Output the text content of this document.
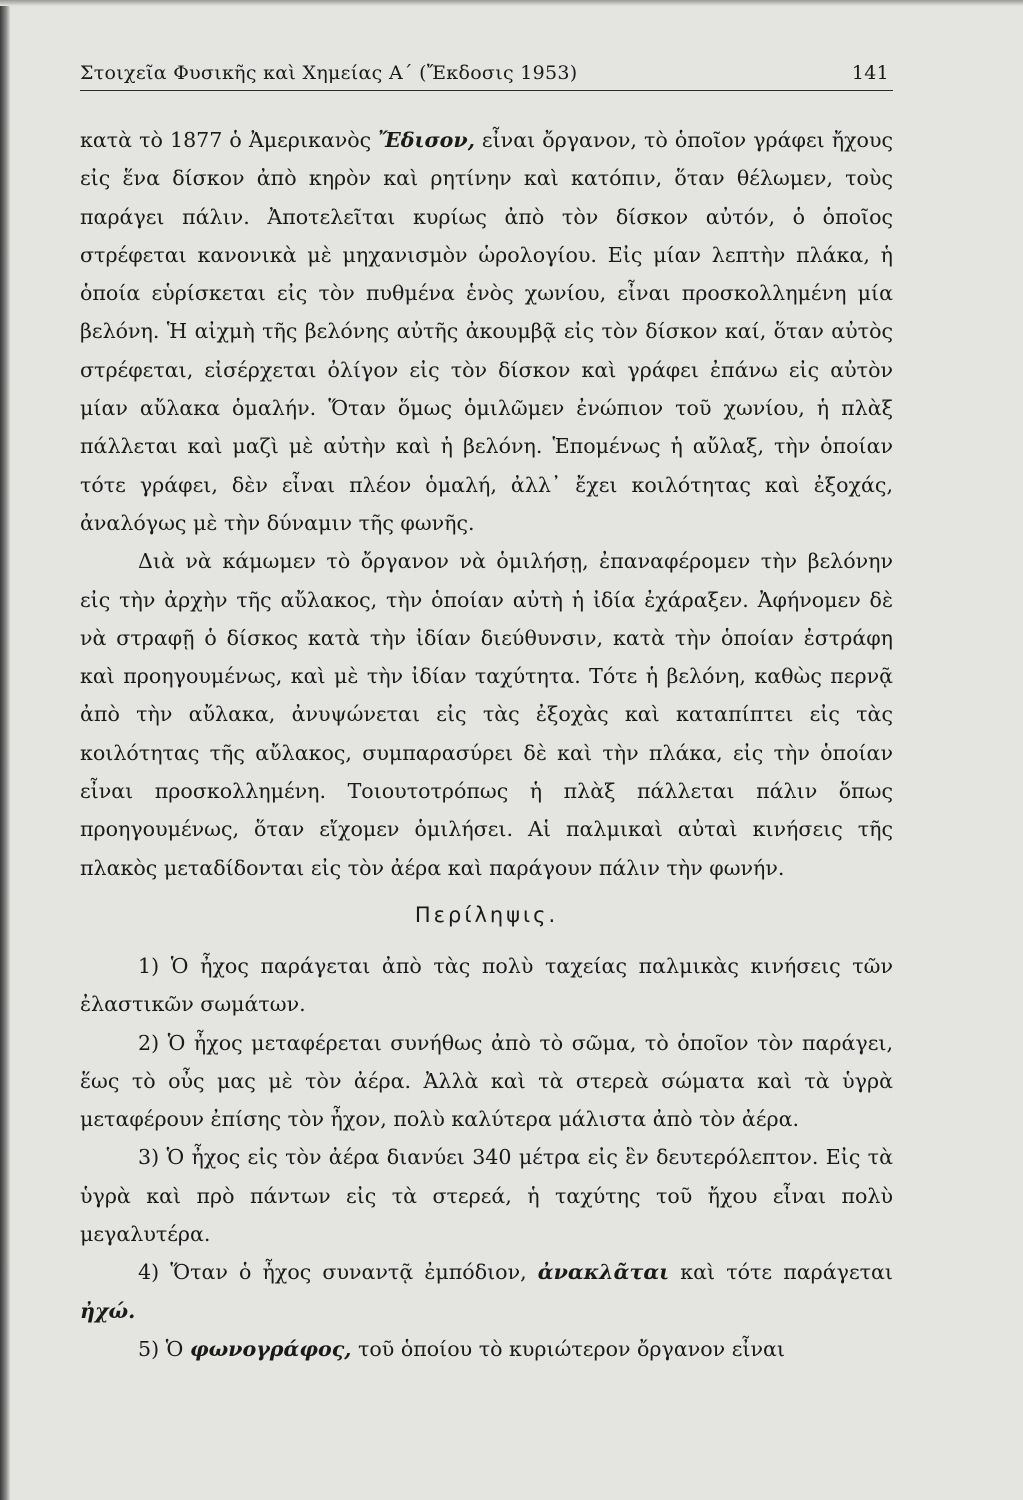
Στοιχεῖα Φυσικῆς καὶ Χημείας Α΄ (Ἔκδοσις 1953)	141

κατὰ τὸ 1877 ὁ Ἀμερικανὸς Ἔδισον, εἶναι ὄργανον, τὸ ὁποῖον γράφει ἤχους εἰς ἕνα δίσκον ἀπὸ κηρὸν καὶ ρητίνην καὶ κατόπιν, ὅταν θέλωμεν, τοὺς παράγει πάλιν. Ἀποτελεῖται κυρίως ἀπὸ τὸν δίσκον αὐτόν, ὁ ὁποῖος στρέφεται κανονικὰ μὲ μηχανισμὸν ὡρολογίου. Εἰς μίαν λεπτὴν πλάκα, ἡ ὁποία εὑρίσκεται εἰς τὸν πυθμένα ἑνὸς χωνίου, εἶναι προσκολλημένη μία βελόνη. Ἡ αἰχμὴ τῆς βελόνης αὐτῆς ἀκουμβᾷ εἰς τὸν δίσκον καί, ὅταν αὐτὸς στρέφεται, εἰσέρχεται ὀλίγον εἰς τὸν δίσκον καὶ γράφει ἐπάνω εἰς αὐτὸν μίαν αὔλακα ὁμαλήν. Ὅταν ὅμως ὁμιλῶμεν ἐνώπιον τοῦ χωνίου, ἡ πλὰξ πάλλεται καὶ μαζὶ μὲ αὐτὴν καὶ ἡ βελόνη. Ἑπομένως ἡ αὔλαξ, τὴν ὁποίαν τότε γράφει, δὲν εἶναι πλέον ὁμαλή, ἀλλ᾽ ἔχει κοιλότητας καὶ ἐξοχάς, ἀναλόγως μὲ τὴν δύναμιν τῆς φωνῆς.

Διὰ νὰ κάμωμεν τὸ ὄργανον νὰ ὁμιλήσῃ, ἐπαναφέρομεν τὴν βελόνην εἰς τὴν ἀρχὴν τῆς αὔλακος, τὴν ὁποίαν αὐτὴ ἡ ἰδία ἐχάραξεν. Ἀφήνομεν δὲ νὰ στραφῇ ὁ δίσκος κατὰ τὴν ἰδίαν διεύθυνσιν, κατὰ τὴν ὁποίαν ἐστράφη καὶ προηγουμένως, καὶ μὲ τὴν ἰδίαν ταχύτητα. Τότε ἡ βελόνη, καθὼς περνᾷ ἀπὸ τὴν αὔλακα, ἀνυψώνεται εἰς τὰς ἐξοχὰς καὶ καταπίπτει εἰς τὰς κοιλότητας τῆς αὔλακος, συμπαρασύρει δὲ καὶ τὴν πλάκα, εἰς τὴν ὁποίαν εἶναι προσκολλημένη. Τοιουτοτρόπως ἡ πλὰξ πάλλεται πάλιν ὅπως προηγουμένως, ὅταν εἴχομεν ὁμιλήσει. Αἱ παλμικαὶ αὐταὶ κινήσεις τῆς πλακὸς μεταδίδονται εἰς τὸν ἀέρα καὶ παράγουν πάλιν τὴν φωνήν.

Περίληψις.

1) Ὁ ἦχος παράγεται ἀπὸ τὰς πολὺ ταχείας παλμικὰς κινήσεις τῶν ἐλαστικῶν σωμάτων.

2) Ὁ ἦχος μεταφέρεται συνήθως ἀπὸ τὸ σῶμα, τὸ ὁποῖον τὸν παράγει, ἕως τὸ οὖς μας μὲ τὸν ἀέρα. Ἀλλὰ καὶ τὰ στερεὰ σώματα καὶ τὰ ὑγρὰ μεταφέρουν ἐπίσης τὸν ἦχον, πολὺ καλύτερα μάλιστα ἀπὸ τὸν ἀέρα.

3) Ὁ ἦχος εἰς τὸν ἀέρα διανύει 340 μέτρα εἰς ἓν δευτερόλεπτον. Εἰς τὰ ὑγρὰ καὶ πρὸ πάντων εἰς τὰ στερεά, ἡ ταχύτης τοῦ ἤχου εἶναι πολὺ μεγαλυτέρα.

4) Ὅταν ὁ ἦχος συναντᾷ ἐμπόδιον, ἀνακλᾶται καὶ τότε παράγεται ἠχώ.

5) Ὁ φωνογράφος, τοῦ ὁποίου τὸ κυριώτερον ὄργανον εἶναι
